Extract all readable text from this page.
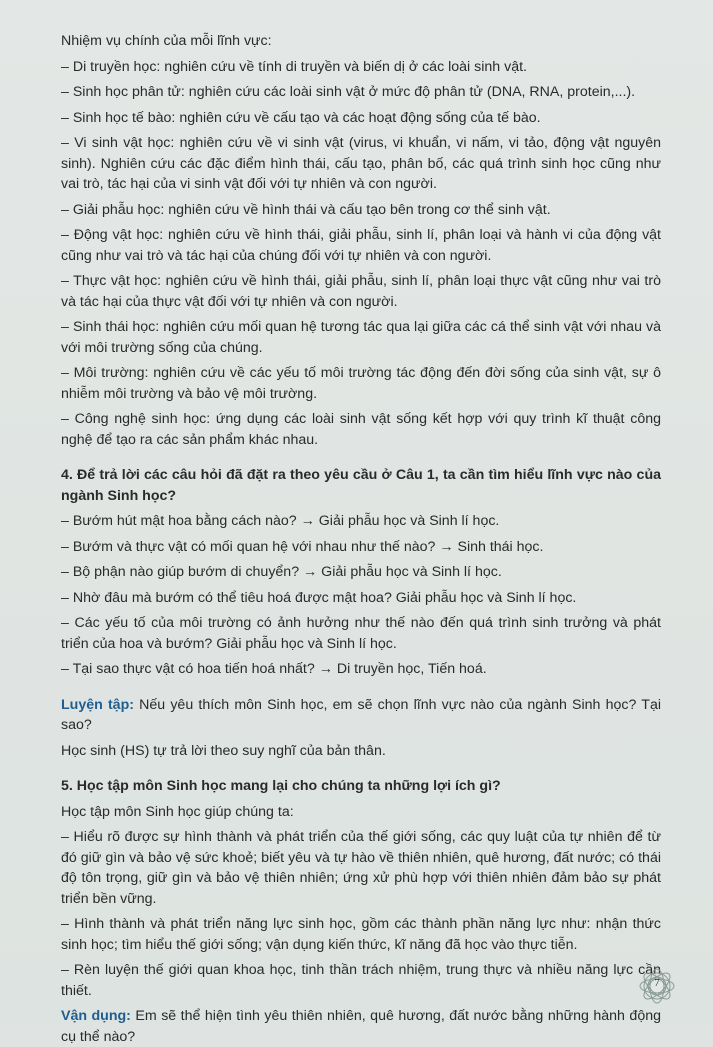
Nhiệm vụ chính của mỗi lĩnh vực:

– Di truyền học: nghiên cứu về tính di truyền và biến dị ở các loài sinh vật.

– Sinh học phân tử: nghiên cứu các loài sinh vật ở mức độ phân tử (DNA, RNA, protein,...).

– Sinh học tế bào: nghiên cứu về cấu tạo và các hoạt động sống của tế bào.

– Vi sinh vật học: nghiên cứu về vi sinh vật (virus, vi khuẩn, vi nấm, vi tảo, động vật nguyên sinh). Nghiên cứu các đặc điểm hình thái, cấu tạo, phân bố, các quá trình sinh học cũng như vai trò, tác hại của vi sinh vật đối với tự nhiên và con người.

– Giải phẫu học: nghiên cứu về hình thái và cấu tạo bên trong cơ thể sinh vật.

– Động vật học: nghiên cứu về hình thái, giải phẫu, sinh lí, phân loại và hành vi của động vật cũng như vai trò và tác hại của chúng đối với tự nhiên và con người.

– Thực vật học: nghiên cứu về hình thái, giải phẫu, sinh lí, phân loại thực vật cũng như vai trò và tác hại của thực vật đối với tự nhiên và con người.

– Sinh thái học: nghiên cứu mối quan hệ tương tác qua lại giữa các cá thể sinh vật với nhau và với môi trường sống của chúng.

– Môi trường: nghiên cứu về các yếu tố môi trường tác động đến đời sống của sinh vật, sự ô nhiễm môi trường và bảo vệ môi trường.

– Công nghệ sinh học: ứng dụng các loài sinh vật sống kết hợp với quy trình kĩ thuật công nghệ để tạo ra các sản phẩm khác nhau.

4. Để trả lời các câu hỏi đã đặt ra theo yêu cầu ở Câu 1, ta cần tìm hiểu lĩnh vực nào của ngành Sinh học?

– Bướm hút mật hoa bằng cách nào? → Giải phẫu học và Sinh lí học.

– Bướm và thực vật có mối quan hệ với nhau như thế nào? → Sinh thái học.

– Bộ phận nào giúp bướm di chuyển? → Giải phẫu học và Sinh lí học.

– Nhờ đâu mà bướm có thể tiêu hoá được mật hoa? Giải phẫu học và Sinh lí học.

– Các yếu tố của môi trường có ảnh hưởng như thế nào đến quá trình sinh trưởng và phát triển của hoa và bướm? Giải phẫu học và Sinh lí học.

– Tại sao thực vật có hoa tiến hoá nhất? → Di truyền học, Tiến hoá.

Luyện tập: Nếu yêu thích môn Sinh học, em sẽ chọn lĩnh vực nào của ngành Sinh học? Tại sao?

Học sinh (HS) tự trả lời theo suy nghĩ của bản thân.

5. Học tập môn Sinh học mang lại cho chúng ta những lợi ích gì?

Học tập môn Sinh học giúp chúng ta:

– Hiểu rõ được sự hình thành và phát triển của thế giới sống, các quy luật của tự nhiên để từ đó giữ gìn và bảo vệ sức khoẻ; biết yêu và tự hào về thiên nhiên, quê hương, đất nước; có thái độ tôn trọng, giữ gìn và bảo vệ thiên nhiên; ứng xử phù hợp với thiên nhiên đảm bảo sự phát triển bền vững.

– Hình thành và phát triển năng lực sinh học, gồm các thành phần năng lực như: nhận thức sinh học; tìm hiểu thế giới sống; vận dụng kiến thức, kĩ năng đã học vào thực tiễn.

– Rèn luyện thế giới quan khoa học, tinh thần trách nhiệm, trung thực và nhiều năng lực cần thiết.

Vận dụng: Em sẽ thể hiện tình yêu thiên nhiên, quê hương, đất nước bằng những hành động cụ thể nào?

7
